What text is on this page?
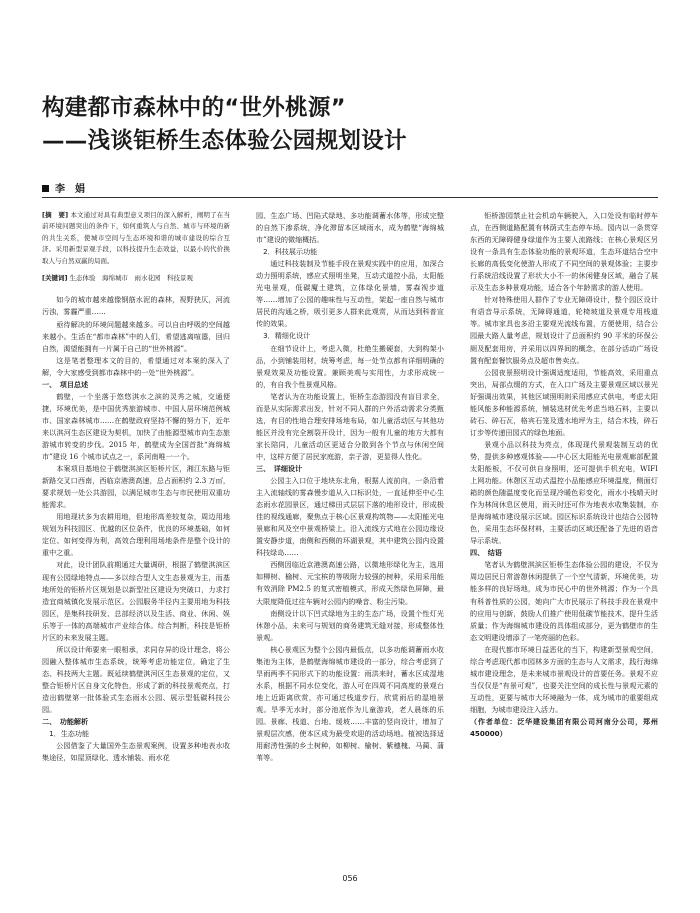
构建都市森林中的“世外桃源”
——浅谈钜桥生态体验公园规划设计
李　娟

[摘　要] 本文通过对具有典型意义项目的深入解析，阐明了在当前环境问题突出的条件下，如何重筑人与自然、城市与环境的新的共生关系，使城市空间与生态环境和谐的城市建设的综合互济。采用新型景观手段，以科技提升生态效益，以最小的代价换取人与自然双赢的局面。

[关键词] 生态体验　海绵城市　雨水花园　科技景观

如今的城市越来越像钢筋水泥的森林，视野狭仄，河流污浊，雾霾严重……

亟待解决的环境问题越来越多。可以自由呼吸的空间越来越小。生活在“都市森林”中的人们，希望逃离喧嚣，回归自然，渴望能拥有一片属于自己的“世外桃源”。

这是笔者整理本文的目的，希望通过对本案的深入了解，令大家感受到都市森林中的一处“世外桃源”。

一、　项目总述

鹤壁，一个坐落于悠悠淇水之滨的灵秀之城，交通便捷，环境优美，是中国优秀旅游城市、中国人居环境范例城市、国家森林城市……在鹤壁政府坚持不懈的努力下，近年来以淇河生态区建设为契机，加快了由能源型城市向生态旅游城市转变的步伐。2015 年，鹤壁成为全国首批“海绵城市”建设 16 个城市试点之一，系河南唯一一个。

本案项目基地位于鹤壁淇滨区钜桥片区，湘江东路与钜新路交叉口西南，西临京港澳高速，总占面积约 2.3 万㎡，要求规划一处公共游园，以满足城市生态与市民使用双重功能需求。

用地现状多为农耕用地，但地形高差较复杂，周边用地规划为科技园区、优越的区位条件，优良的环境基础，如何定位、如何变得为利，高效合理利用场地条件是整个设计的重中之重。

对此，设计团队前期通过大量调研，根据了鹤壁淇滨区现有公园绿地特点——多以综合型人文生态景观为主，而基地所处的钜桥片区规划是以新型社区建设为突破口，力求打造宜商城镇化发展示范区。公园服务半径内主要用地为科技园区，是集科技研发、总部经济以及生活、商业、休闲、娱乐等于一体的高端城市产业综合体。综合判断，科技是钜桥片区的未来发展主题。

所以设计师要来一眼相承，求同存异的设计理念，将公园融入整体城市生态系统，统筹考虑功能定位，确定了生态、科技两大主题。既延续鹤壁淇河区生态景观的定位，又整合钜桥片区自身文化特色，形成了新的科技景观亮点，打造出鹤壁第一批体验式生态雨水公园、展示型低碳科技公园。

二、　功能解析
1．生态功能

公园借鉴了大量国外生态景观案例，设置多种地表水收集途径，如屋顶绿化、透水铺装、雨水花

园、生态广场、凹陷式绿地、多功能调蓄水体等，形成完整的自然下渗系统，净化滞留本区域雨水，成为鹤壁“海绵城市”建设的微缩概括。

2．科技展示功能

通过科技装制及节能手段在景观实践中的应用，加深合动力照明系统，感应式照明坐凳，互动式道控小品，太阳能光电景观，低碳魔土建筑，立体绿化景墙，雾森视步道等……增加了公园的趣味性与互动性，架起一座自然与城市居民的沟通之桥，吸引更多人群来此观赏，从而达到科普宣传的效果。

3．精细化设计

在细节设计上，考虑入微，杜绝生搬硬套，大到构架小品，小到铺装用材，统筹考虑，每一处节点都有详细明确的景观效果及功能设置。兼顾美观与实用性，力求形成统一的，有自我个性景观风格。

笔者认为在功能设置上，钜桥生态游园没有盲目求全，而是从实际需求出发，针对不同人群的户外活动需求分类甄选，有目的性地合理安排场地布局，如儿童活动区与其他功能区并没有完全割裂开设计，因为一般有儿童的地方大都有家长陪同，儿童活动区更适合分散到各个节点与休闲空间中，这样方便了居民家庭游，亲子游，更显得人性化。

三、　详细设计

公园主入口位于地块东北角，根据人流前向，一条沿着主入流轴线的雾森慢步道从入口标识处，一直延伸至中心生态雨水花园景区，通过梯田式层层下落的地形设计，形成极佳的视线通廊，聚焦点于核心区景观构筑物——太阳能光电景廊和风及空中景观桥梁上。沿入流线方式地在公园边缘设置安静步道，南侧和西侧的环湖景观，其中建筑公园内设置科技绿岛……

西侧因临近京港澳高速公路，以微地形绿化为主，选用如柳树、榆树、元宝槟的等吸附力较强的树种，采用采用能有效消除 PM2.5 的复式密植模式，形成天然绿色屏障，最大限度降低过往车辆对公园内的噪音、粉尘污染。

南侧设计以下凹式绿地为主的生态广场，设置个性灯光休憩小品，未来可与规划的商务建筑无缝对接，形成整体性景观。

核心景观区为整个公园内最低点，以多功能调蓄雨水收集池为主体，是鹤壁海绵城市建设的一部分，综合考虑到了旱雨两季不同形式下的功能设置：雨洪来时，蓄水区成湿地水系，根据不同水位变化，游人可在四周不同高度的景观台地上近距离欣赏，亦可通过栈道步行，欣赏雨后的湿地景观。旱季无水时，部分池底作为儿童游戏，老人晨练的乐园。景廊、栈道、台地、缓坡……丰富的竖向设计，增加了景观层次感，使本区成为最受欢迎的活动场地。植被选择适用耐涝性强的乡土树种，如柳树、榆树、紫穗槐、马蔺、蒲苇等。

钜桥游园禁止社会机动车辆驶入，入口处设有临时停车点，在西侧道路配置有林荫式生态停车场。园内以一条贯穿东西的无障碍健身绿道作为主要人流路线；在核心景观区另设有一条具有生态体验功能的景观环道，生态环道结合空中长廊的高低变化使游人形成了不同空间的景观体验；主要步行系统沿线设置了形状大小不一的休闲健身区域，融合了展示及生态多种景观功能，适合各个年龄需求的游人使用。

针对特殊使用人群作了专业无障碍设计，整个园区设计有语音导示系统，无障碍通道，轮椅坡道及景观专用栈道等。城市家具也多沿主要观光流线布置，方便使用，结合公园最大路人量考虑，规划设计了总面积约 90 平米的环保公厕及配套用房，并采用以四界间的概念，在部分活动广场设置有配套餐饮服务点及超市售卖点。

公园夜景照明设计强调适度适用，节能高效，采用重点突出，局部点缀的方式，在入口广场及主要景观区域以景光好强调出效果，其他区域照明则采用感应式供电，考虑太阳能风能多种能源系统，铺装选材优先考虑当地石料，主要以砖石、碎石瓦，格宾石笼及透水地坪为主，结合木栈，碎石订步等传递田园式的绿色地面。

景观小品以科技为亮点，体现现代景观装制互动的优势，提供多种感观体验——中心区太阳能光电景观廊部配置太阳能板，不仅可供自身照明，还可提供手机充电，WIFI 上网功能。休憩区互动式温控小品能感应环境温度，侧面灯箱的颜色随温度变化而呈现冷暖色彩变化，雨水小栈晴天时作为林间休息区使用，雨天时还可作为地表水收集装制，亦是海绵城市建设展示区域。园区标识系统设计也结合公园特色，采用生态环保材料，主要活动区域还配备了先进的语音导示系统。

四、　结语

笔者认为鹤壁淇滨区钜桥生态体验公园的建设，不仅为周边居民日常游憩休闲提供了一个空气清新，环境优美，功能多样的良好场地，成为市民心中的世外桃源；作为一个具有科普性质的公园，她向广大市民展示了科技手段在景观中的应用与创新，鼓励人们推广使用低碳节能技术，提升生活质量；作为海绵城市建设的具体组成部分，更为鹤壁市的生态文明建设增添了一笔亮丽的色彩。

在现代都市环境日益恶化的当下，构建新型景观空间，综合考虑现代都市园林多方面的生态与人文需求，践行海绵城市建设理念，是未来城市景观设计的首要任务。景观不应当仅仅是“有景可观”，也要关注空间的成长性与景观元素的互动性，更要与城市大环境融为一体，成为城市的重要组成细胞，为城市建设注入活力。

（作者单位：泛华建设集团有限公司河南分公司，郑州　450000）

056
